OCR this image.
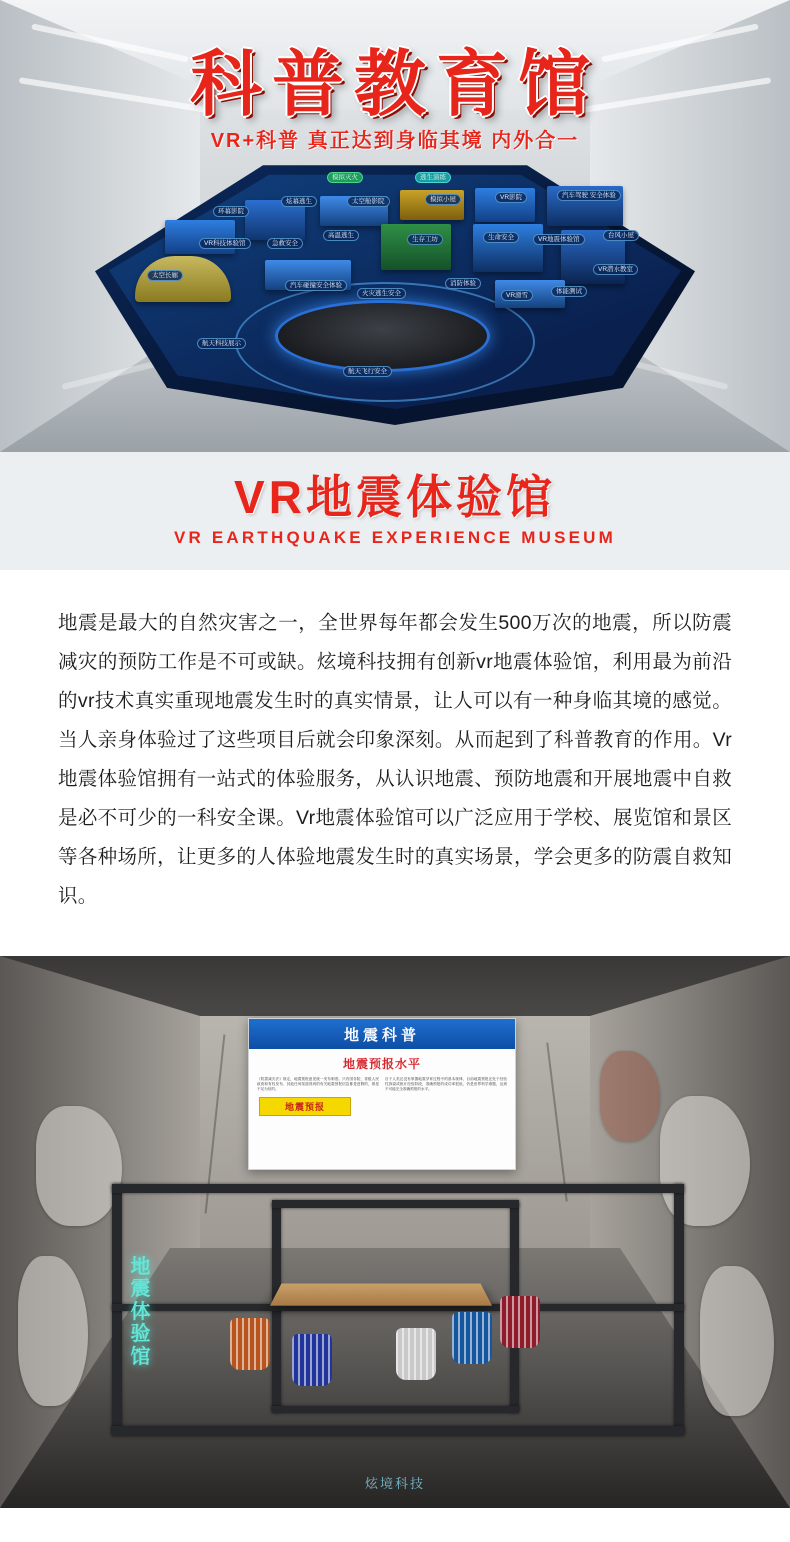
科普教育馆
VR+科普 真正达到身临其境 内外合一
模拟灭火	逃生演练
环幕影院
炫幕逃生	太空舱影院	模拟小屋	VR影院	汽车驾驶 安全体验
VR科技体验馆	急救安全
高温逃生
生存工坊	生命安全	VR地震体验馆
台风小屋
太空长廊
汽车碰撞安全体验
火灾逃生安全
消防体验
VR滑雪
体能测试
VR潜水教室
航天科技展示
航天飞行安全
VR地震体验馆
VR EARTHQUAKE EXPERIENCE MUSEUM

地震是最大的自然灾害之一，全世界每年都会发生500万次的地震，所以防震减灾的预防工作是不可或缺。炫境科技拥有创新vr地震体验馆，利用最为前沿的vr技术真实重现地震发生时的真实情景，让人可以有一种身临其境的感觉。当人亲身体验过了这些项目后就会印象深刻。从而起到了科普教育的作用。Vr地震体验馆拥有一站式的体验服务，从认识地震、预防地震和开展地震中自救是必不可少的一科安全课。Vr地震体验馆可以广泛应用于学校、展览馆和景区等各种场所，让更多的人体验地震发生时的真实场景，学会更多的防震自救知识。

地震科普
地震预报水平
《防震减灾法》规定，地震预报意见统一发布制度。只有国务院、省级人民政府和有权发布、其他任何渠道得到的有关地震预报信息都是虚假的，都是不足为信的。
自于人类还没有掌握地震孕育过程中的基本规律，目前地震预报还处于经验性探索或统计经验阶段，准确预报的成功率很低，仍是世界科学难题，达到不可能完全准确预报的水平。
地震预报
地震体验馆
炫境科技
